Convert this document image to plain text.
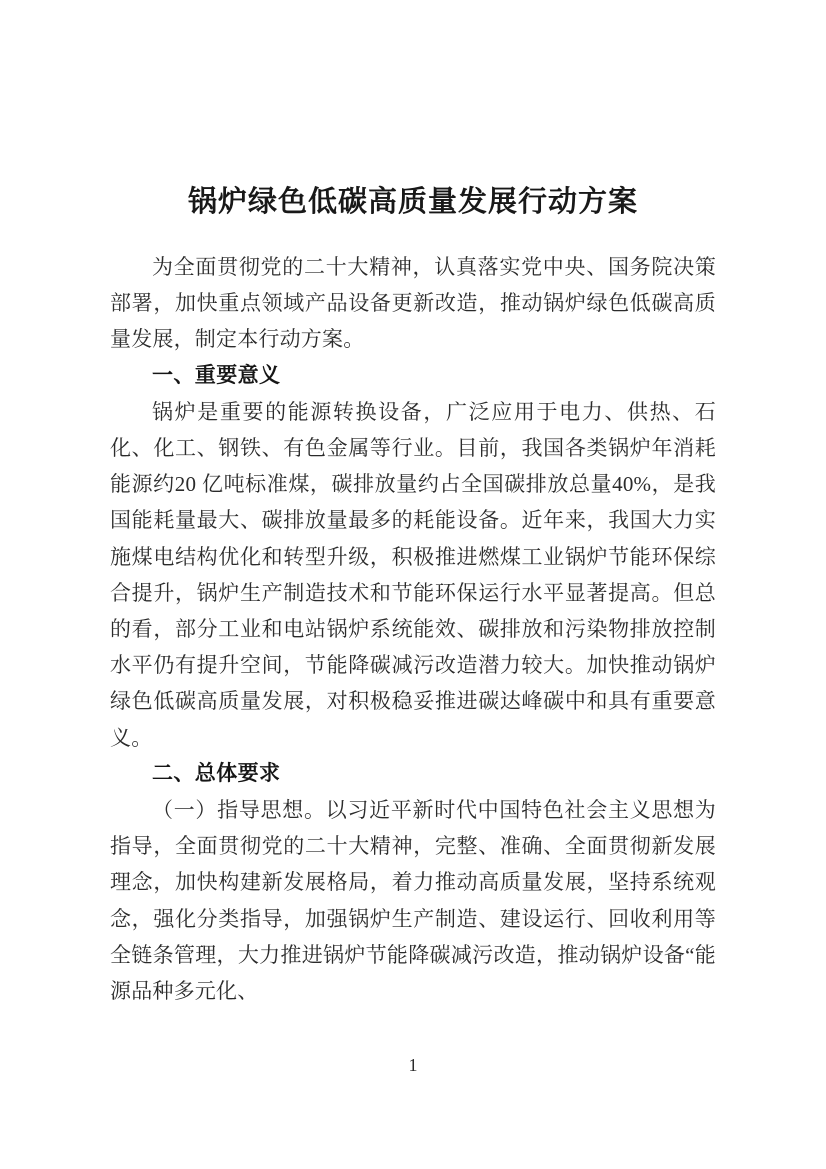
锅炉绿色低碳高质量发展行动方案

为全面贯彻党的二十大精神，认真落实党中央、国务院决策部署，加快重点领域产品设备更新改造，推动锅炉绿色低碳高质量发展，制定本行动方案。

一、重要意义

锅炉是重要的能源转换设备，广泛应用于电力、供热、石化、化工、钢铁、有色金属等行业。目前，我国各类锅炉年消耗能源约20 亿吨标准煤，碳排放量约占全国碳排放总量40%，是我国能耗量最大、碳排放量最多的耗能设备。近年来，我国大力实施煤电结构优化和转型升级，积极推进燃煤工业锅炉节能环保综合提升，锅炉生产制造技术和节能环保运行水平显著提高。但总的看，部分工业和电站锅炉系统能效、碳排放和污染物排放控制水平仍有提升空间，节能降碳减污改造潜力较大。加快推动锅炉绿色低碳高质量发展，对积极稳妥推进碳达峰碳中和具有重要意义。

二、总体要求

（一）指导思想。以习近平新时代中国特色社会主义思想为指导，全面贯彻党的二十大精神，完整、准确、全面贯彻新发展理念，加快构建新发展格局，着力推动高质量发展，坚持系统观念，强化分类指导，加强锅炉生产制造、建设运行、回收利用等全链条管理，大力推进锅炉节能降碳减污改造，推动锅炉设备“能源品种多元化、

1
